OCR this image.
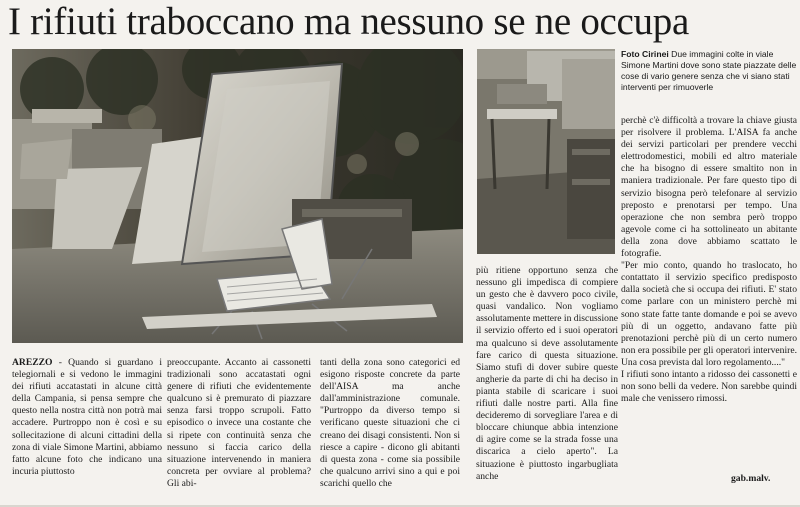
I rifiuti traboccano ma nessuno se ne occupa
Foto Cirinei Due immagini colte in viale Simone Martini dove sono state piazzate delle cose di vario genere senza che vi siano stati interventi per rimuoverle
AREZZO - Quando si guardano i telegiornali e si vedono le immagini dei rifiuti accatastati in alcune città della Campania, si pensa sempre che questo nella nostra città non potrà mai accadere. Purtroppo non è così e su sollecitazione di alcuni cittadini della zona di viale Simone Martini, abbiamo fatto alcune foto che indicano una incuria piuttosto
preoccupante. Accanto ai cassonetti tradizionali sono accatastati ogni genere di rifiuti che evidentemente qualcuno si è premurato di piazzare senza farsi troppo scrupoli. Fatto episodico o invece una costante che si ripete con continuità senza che nessuno si faccia carico della situazione intervenendo in maniera concreta per ovviare al problema? Gli abi-
tanti della zona sono categorici ed esigono risposte concrete da parte dell'AISA ma anche dall'amministrazione comunale. "Purtroppo da diverso tempo si verificano queste situazioni che ci creano dei disagi consistenti. Non si riesce a capire - dicono gli abitanti di questa zona - come sia possibile che qualcuno arrivi sino a qui e poi scarichi quello che
più ritiene opportuno senza che nessuno gli impedisca di compiere un gesto che è davvero poco civile, quasi vandalico. Non vogliamo assolutamente mettere in discussione il servizio offerto ed i suoi operatori ma qualcuno si deve assolutamente fare carico di questa situazione. Siamo stufi di dover subire queste angherie da parte di chi ha deciso in pianta stabile di scaricare i suoi rifiuti dalle nostre parti. Alla fine decideremo di sorvegliare l'area e di bloccare chiunque abbia intenzione di agire come se la strada fosse una discarica a cielo aperto". La situazione è piuttosto ingarbugliata anche
perchè c'è difficoltà a trovare la chiave giusta per risolvere il problema. L'AISA fa anche dei servizi particolari per prendere vecchi elettrodomestici, mobili ed altro materiale che ha bisogno di essere smaltito non in maniera tradizionale. Per fare questo tipo di servizio bisogna però telefonare al servizio preposto e prenotarsi per tempo. Una operazione che non sembra però troppo agevole come ci ha sottolineato un abitante della zona dove abbiamo scattato le fotografie.
"Per mio conto, quando ho traslocato, ho contattato il servizio specifico predisposto dalla società che si occupa dei rifiuti. E' stato come parlare con un ministero perchè mi sono state fatte tante domande e poi se avevo più di un oggetto, andavano fatte più prenotazioni perchè più di un certo numero non era possibile per gli operatori intervenire. Una cosa prevista dal loro regolamento...."
I rifiuti sono intanto a ridosso dei cassonetti e non sono belli da vedere. Non sarebbe quindi male che venissero rimossi.
gab.malv.
